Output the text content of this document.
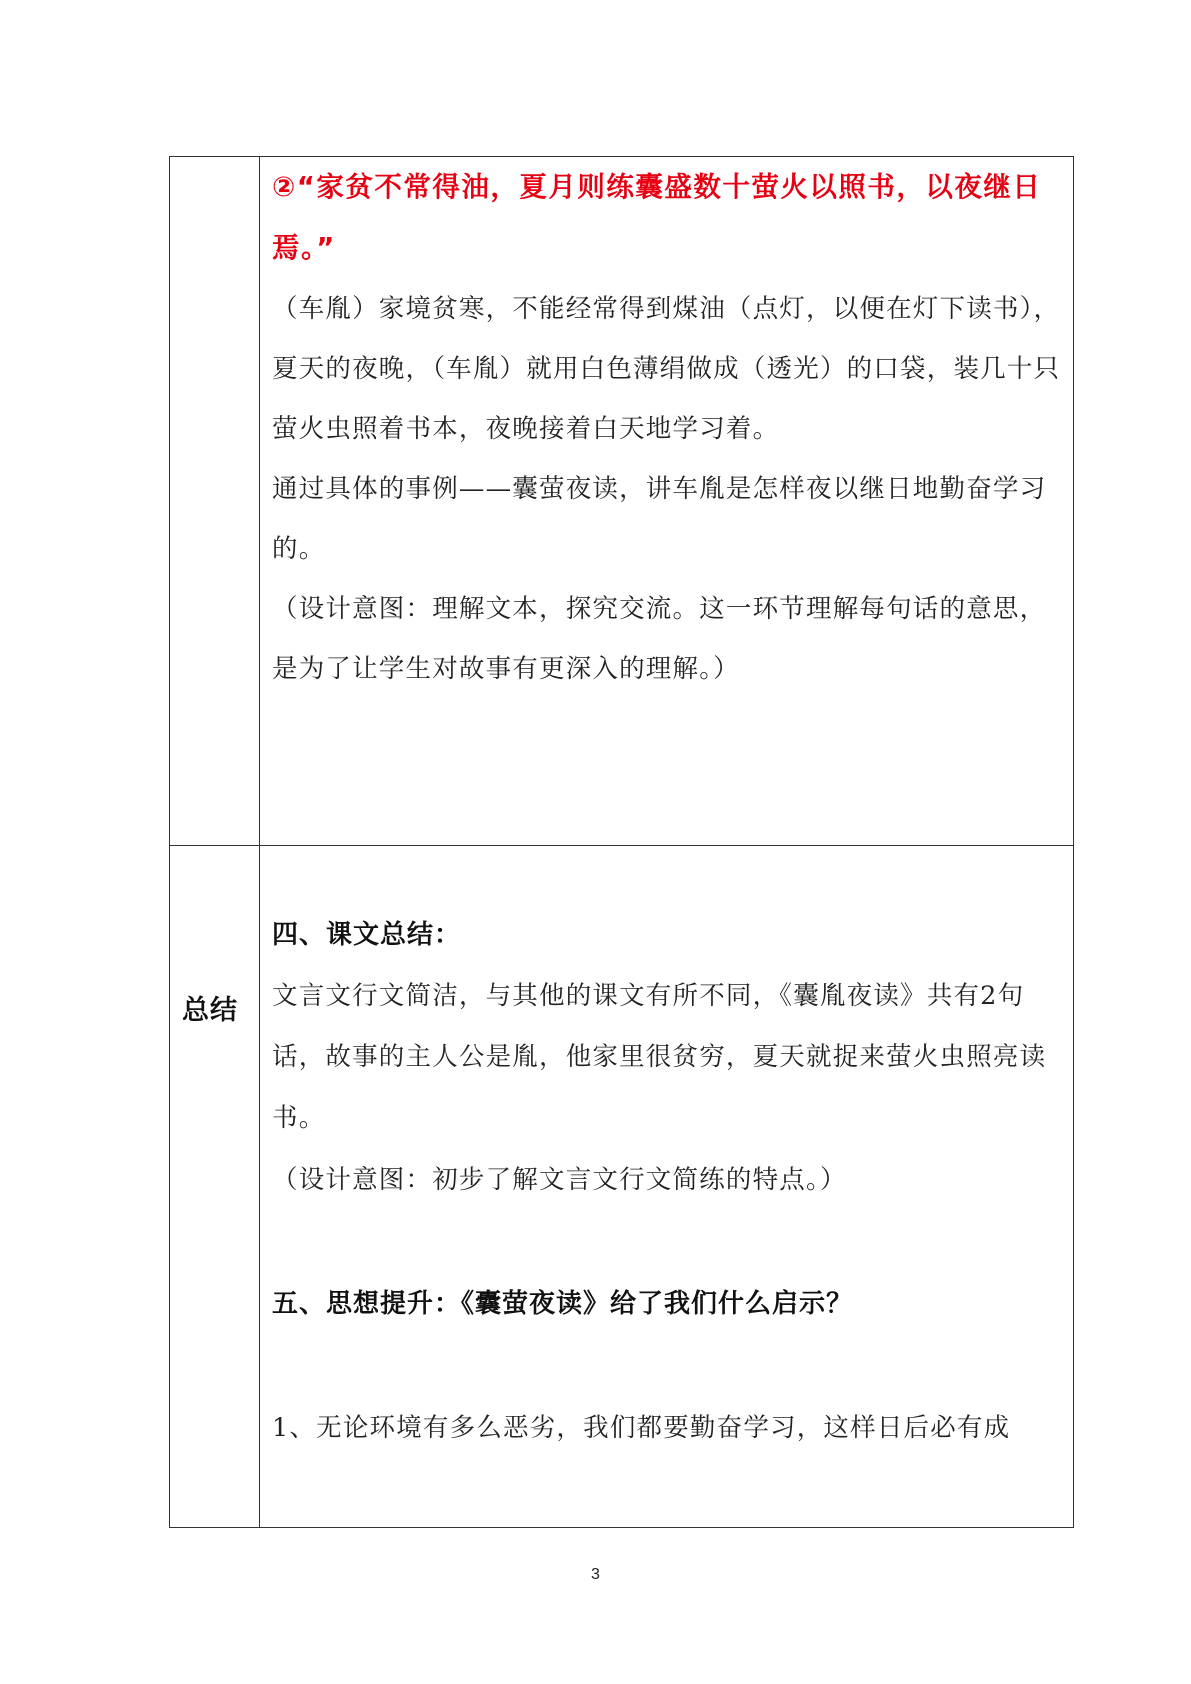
	②“家贫不常得油，夏月则练囊盛数十萤火以照书，以夜继日焉。”

（车胤）家境贫寒，不能经常得到煤油（点灯，以便在灯下读书），夏天的夜晚，（车胤）就用白色薄绢做成（透光）的口袋，装几十只萤火虫照着书本，夜晚接着白天地学习着。

通过具体的事例——囊萤夜读，讲车胤是怎样夜以继日地勤奋学习的。

（设计意图：理解文本，探究交流。这一环节理解每句话的意思，是为了让学生对故事有更深入的理解。）

总结	四、课文总结：

文言文行文简洁，与其他的课文有所不同，《囊胤夜读》共有2句话，故事的主人公是胤，他家里很贫穷，夏天就捉来萤火虫照亮读书。

（设计意图：初步了解文言文行文简练的特点。）

五、思想提升：《囊萤夜读》给了我们什么启示？

1、无论环境有多么恶劣，我们都要勤奋学习，这样日后必有成

3
